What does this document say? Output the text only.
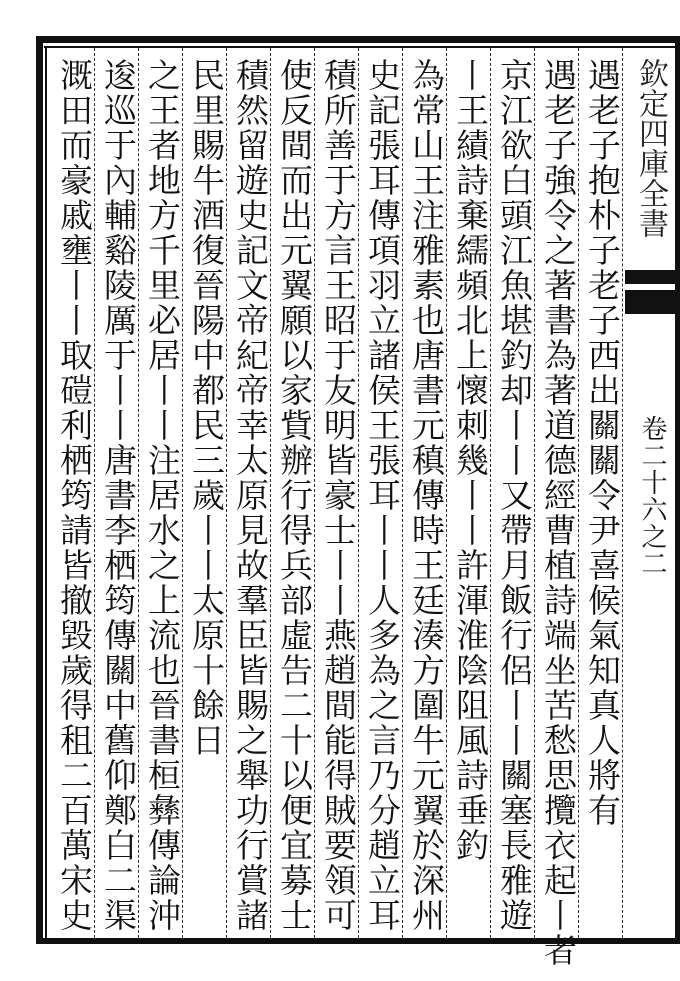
欽定四庫全書
卷二十六之二
遇老子抱朴子老子西出關關令尹喜候氣知真人將有
遇老子強令之著書為著道德經曹植詩端坐苦愁思攬衣起丨者
京江欲白頭江魚堪釣却丨丨又帶月飯行侶丨丨關塞長雅遊
丨王績詩棄繻頻北上懷刺幾丨丨許渾淮陰阻風詩垂釣
為常山王注雅素也唐書元稹傳時王廷湊方圍牛元翼於深州
史記張耳傳項羽立諸侯王張耳丨丨人多為之言乃分趙立耳
積所善于方言王昭于友明皆豪士丨丨燕趙間能得賊要領可
使反間而出元翼願以家貲辦行得兵部虛告二十以便宜募士
積然留遊史記文帝紀帝幸太原見故羣臣皆賜之舉功行賞諸
民里賜牛酒復晉陽中都民三歲丨丨太原十餘日
之王者地方千里必居丨丨注居水之上流也晉書桓彝傳論沖
逡巡于內輔谿陵厲于丨丨唐書李栖筠傳關中舊仰鄭白二渠
溉田而豪戚壅丨丨取磑利栖筠請皆撤毀歲得租二百萬宋史
